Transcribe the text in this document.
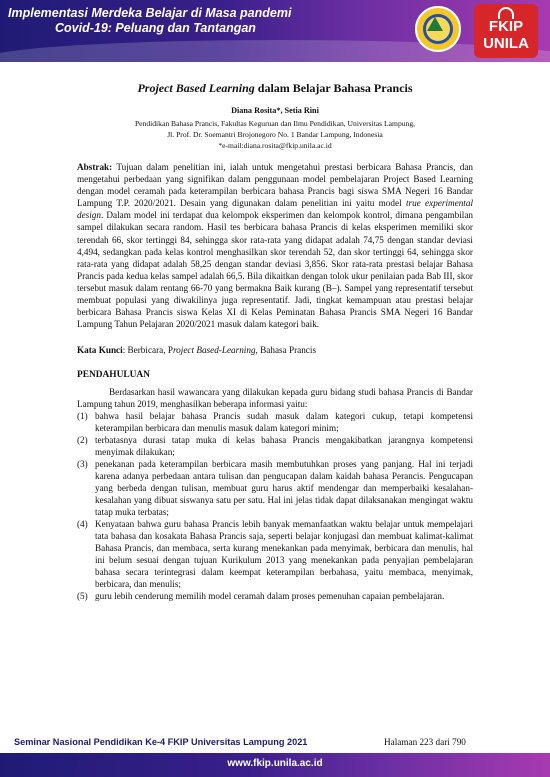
Implementasi Merdeka Belajar di Masa pandemi
Covid-19: Peluang dan Tantangan	FKIP
UNILA
Project Based Learning dalam Belajar Bahasa Prancis
Diana Rosita*, Setia Rini
Pendidikan Bahasa Prancis, Fakultas Keguruan dan Ilmu Pendidikan, Universitas Lampung,
Jl. Prof. Dr. Soemantri Brojonegoro No. 1 Bandar Lampung, Indonesia
*e-mail:diana.rosita@fkip.unila.ac.id
Abstrak: Tujuan dalam penelitian ini, ialah untuk mengetahui prestasi berbicara Bahasa Prancis, dan mengetahui perbedaan yang signifikan dalam penggunaan model pembelajaran Project Based Learning dengan model ceramah pada keterampilan berbicara bahasa Prancis bagi siswa SMA Negeri 16 Bandar Lampung T.P. 2020/2021. Desain yang digunakan dalam penelitian ini yaitu model true experimental design. Dalam model ini terdapat dua kelompok eksperimen dan kelompok kontrol, dimana pengambilan sampel dilakukan secara random. Hasil tes berbicara bahasa Prancis di kelas eksperimen memiliki skor terendah 66, skor tertinggi 84, sehingga skor rata-rata yang didapat adalah 74,75 dengan standar deviasi 4,494, sedangkan pada kelas kontrol menghasilkan skor terendah 52, dan skor tertinggi 64, sehingga skor rata-rata yang didapat adalah 58,25 dengan standar deviasi 3,856. Skor rata-rata prestasi belajar Bahasa Prancis pada kedua kelas sampel adalah 66,5. Bila dikaitkan dengan tolok ukur penilaian pada Bab III, skor tersebut masuk dalam rentang 66-70 yang bermakna Baik kurang (B–). Sampel yang representatif tersebut membuat populasi yang diwakilinya juga representatif. Jadi, tingkat kemampuan atau prestasi belajar berbicara Bahasa Prancis siswa Kelas XI di Kelas Peminatan Bahasa Prancis SMA Negeri 16 Bandar Lampung Tahun Pelajaran 2020/2021 masuk dalam kategori baik.
Kata Kunci: Berbicara, Project Based-Learning, Bahasa Prancis
PENDAHULUAN
Berdasarkan hasil wawancara yang dilakukan kepada guru bidang studi bahasa Prancis di Bandar Lampung tahun 2019, menghasilkan beberapa informasi yaitu:
(1) bahwa hasil belajar bahasa Prancis sudah masuk dalam kategori cukup, tetapi kompetensi keterampilan berbicara dan menulis masuk dalam kategori minim;
(2) terbatasnya durasi tatap muka di kelas bahasa Prancis mengakibatkan jarangnya kompetensi menyimak dilakukan;
(3) penekanan pada keterampilan berbicara masih membutuhkan proses yang panjang. Hal ini terjadi karena adanya perbedaan antara tulisan dan pengucapan dalam kaidah bahasa Perancis. Pengucapan yang berbeda dengan tulisan, membuat guru harus aktif mendengar dan memperbaiki kesalahan-kesalahan yang dibuat siswanya satu per satu. Hal ini jelas tidak dapat dilaksanakan mengingat waktu tatap muka terbatas;
(4) Kenyataan bahwa guru bahasa Prancis lebih banyak memanfaatkan waktu belajar untuk mempelajari tata bahasa dan kosakata Bahasa Prancis saja, seperti belajar konjugasi dan membuat kalimat-kalimat Bahasa Prancis, dan membaca, serta kurang menekankan pada menyimak, berbicara dan menulis, hal ini belum sesuai dengan tujuan Kurikulum 2013 yang menekankan pada penyajian pembelajaran bahasa secara terintegrasi dalam keempat keterampilan berbahasa, yaitu membaca, menyimak, berbicara, dan menulis;
(5) guru lebih cenderung memilih model ceramah dalam proses pemenuhan capaian pembelajaran.
Seminar Nasional Pendidikan Ke-4 FKIP Universitas Lampung 2021	Halaman 223 dari 790
www.fkip.unila.ac.id
